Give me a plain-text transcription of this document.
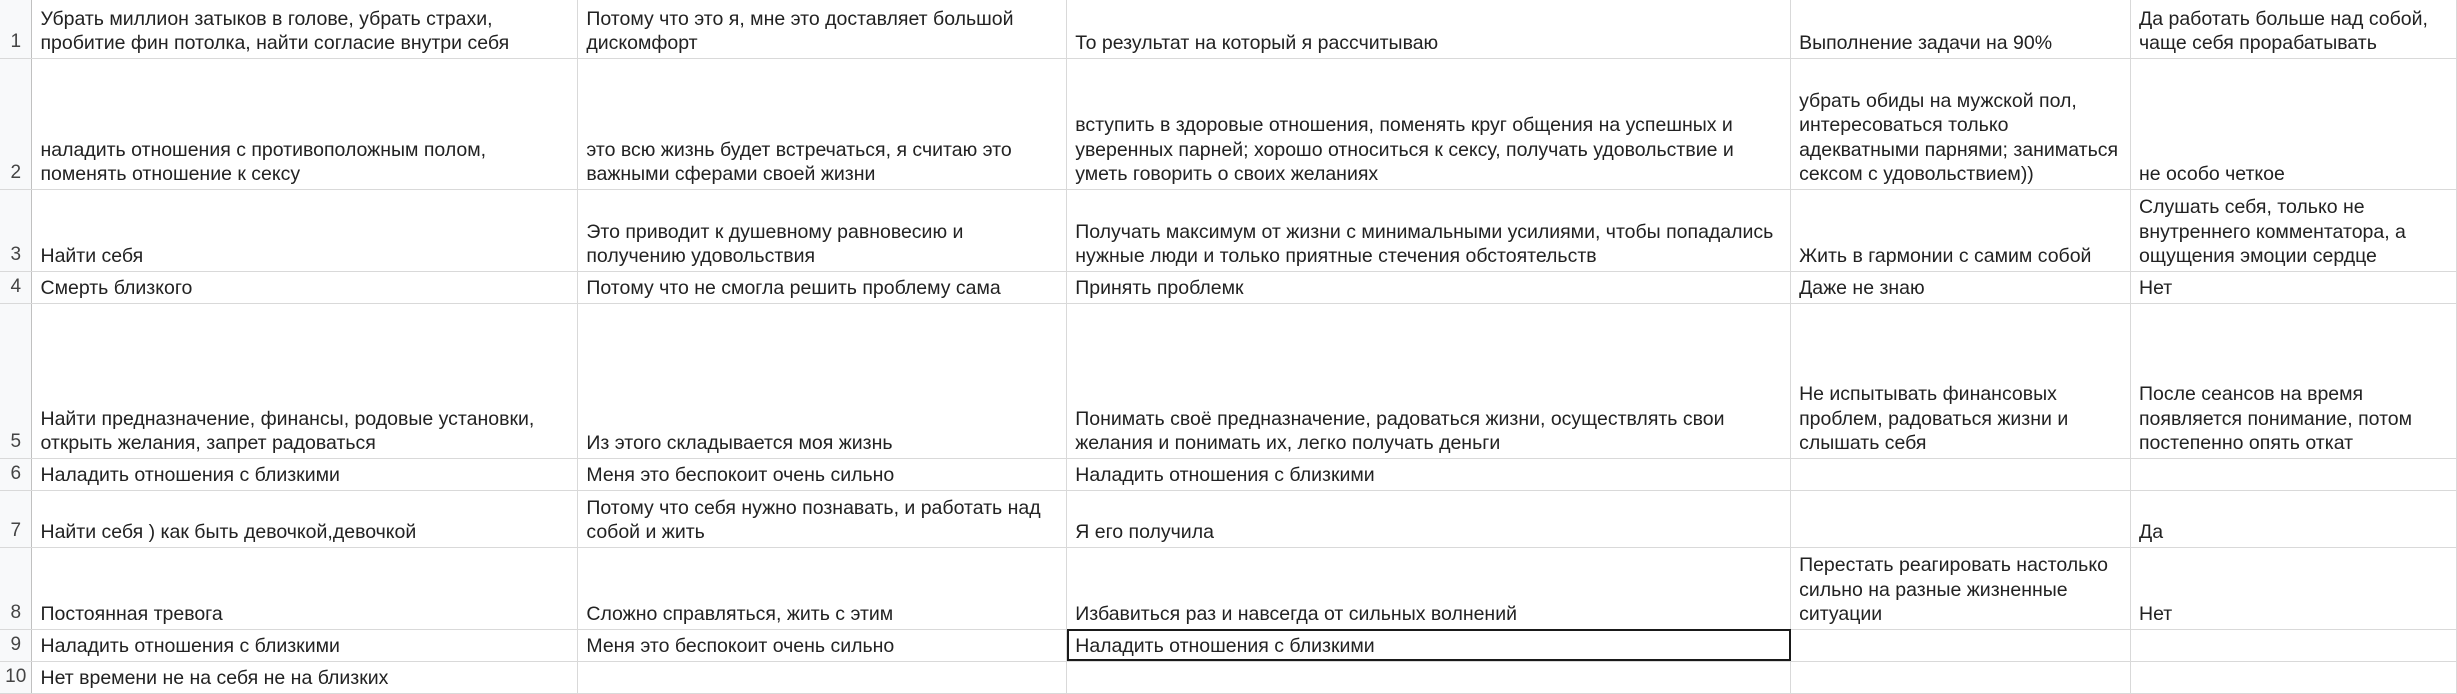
1	Убрать миллион затыков в голове, убрать страхи, пробитие фин потолка, найти согласие внутри себя	Потому что это я, мне это доставляет большой дискомфорт	То результат на который я рассчитываю	Выполнение задачи на 90%	Да работать больше над собой, чаще себя прорабатывать
2	наладить отношения с противоположным полом, поменять отношение к сексу	это всю жизнь будет встречаться, я считаю это важными сферами своей жизни	вступить в здоровые отношения, поменять круг общения на успешных и уверенных парней; хорошо относиться к сексу, получать удовольствие и уметь говорить о своих желаниях	убрать обиды на мужской пол, интересоваться только адекватными парнями; заниматься сексом с удовольствием))	не особо четкое
3	Найти себя	Это приводит к душевному равновесию и получению удовольствия	Получать максимум от жизни с минимальными усилиями, чтобы попадались нужные люди и только приятные стечения обстоятельств	Жить в гармонии с самим собой	Слушать себя, только не внутреннего комментатора, а ощущения эмоции сердце
4	Смерть близкого	Потому что не смогла решить проблему сама	Принять проблемк	Даже не знаю	Нет
5	Найти предназначение, финансы, родовые установки, открыть желания, запрет радоваться	Из этого складывается моя жизнь	Понимать своё предназначение, радоваться жизни, осуществлять свои желания и понимать их, легко получать деньги	Не испытывать финансовых проблем, радоваться жизни и слышать себя	После сеансов на время появляется понимание, потом постепенно опять откат
6	Наладить отношения с близкими	Меня это беспокоит очень сильно	Наладить отношения с близкими		
7	Найти себя ) как быть девочкой,девочкой	Потому что себя нужно познавать, и работать над собой и жить	Я его получила		Да
8	Постоянная тревога	Сложно справляться, жить с этим	Избавиться раз и навсегда от сильных волнений	Перестать реагировать настолько сильно на разные жизненные ситуации	Нет
9	Наладить отношения с близкими	Меня это беспокоит очень сильно	Наладить отношения с близкими		
10	Нет времени не на себя не на близких				
